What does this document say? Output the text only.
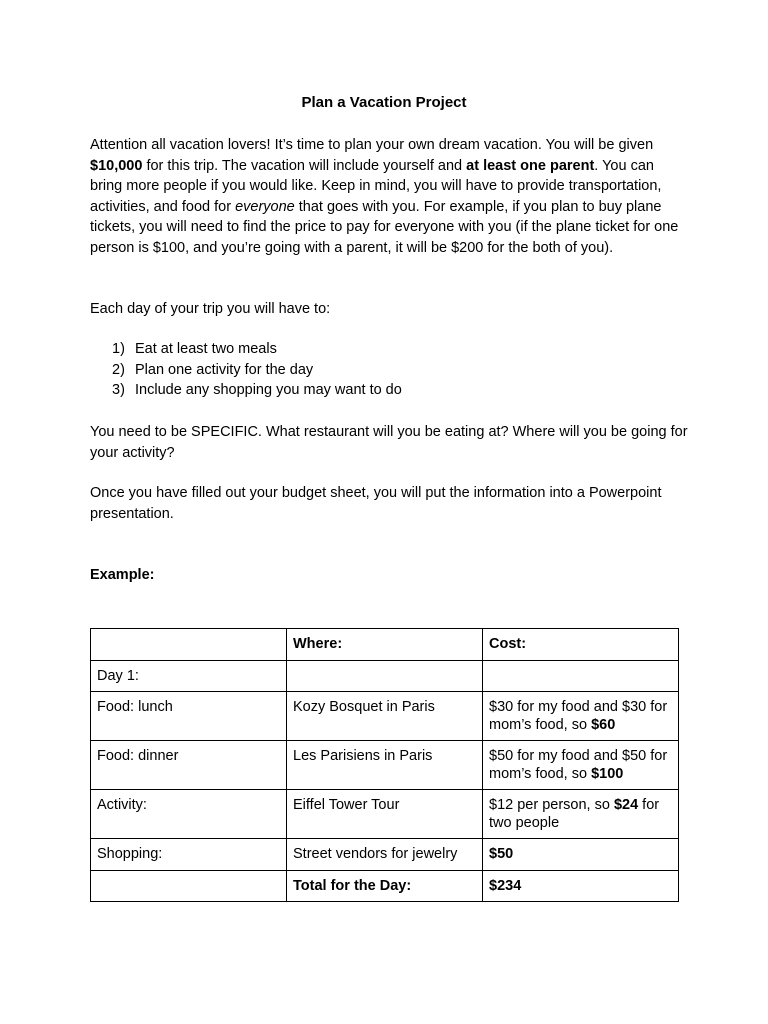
Plan a Vacation Project

Attention all vacation lovers! It’s time to plan your own dream vacation. You will be given $10,000 for this trip. The vacation will include yourself and at least one parent. You can bring more people if you would like. Keep in mind, you will have to provide transportation, activities, and food for everyone that goes with you. For example, if you plan to buy plane tickets, you will need to find the price to pay for everyone with you (if the plane ticket for one person is $100, and you’re going with a parent, it will be $200 for the both of you).

Each day of your trip you will have to:

1) Eat at least two meals
2) Plan one activity for the day
3) Include any shopping you may want to do

You need to be SPECIFIC. What restaurant will you be eating at? Where will you be going for your activity?

Once you have filled out your budget sheet, you will put the information into a Powerpoint presentation.

Example:

	Where:	Cost:
Day 1:		
Food: lunch	Kozy Bosquet in Paris	$30 for my food and $30 for mom’s food, so $60
Food: dinner	Les Parisiens in Paris	$50 for my food and $50 for mom’s food, so $100
Activity:	Eiffel Tower Tour	$12 per person, so $24 for two people
Shopping:	Street vendors for jewelry	$50
	Total for the Day:	$234
